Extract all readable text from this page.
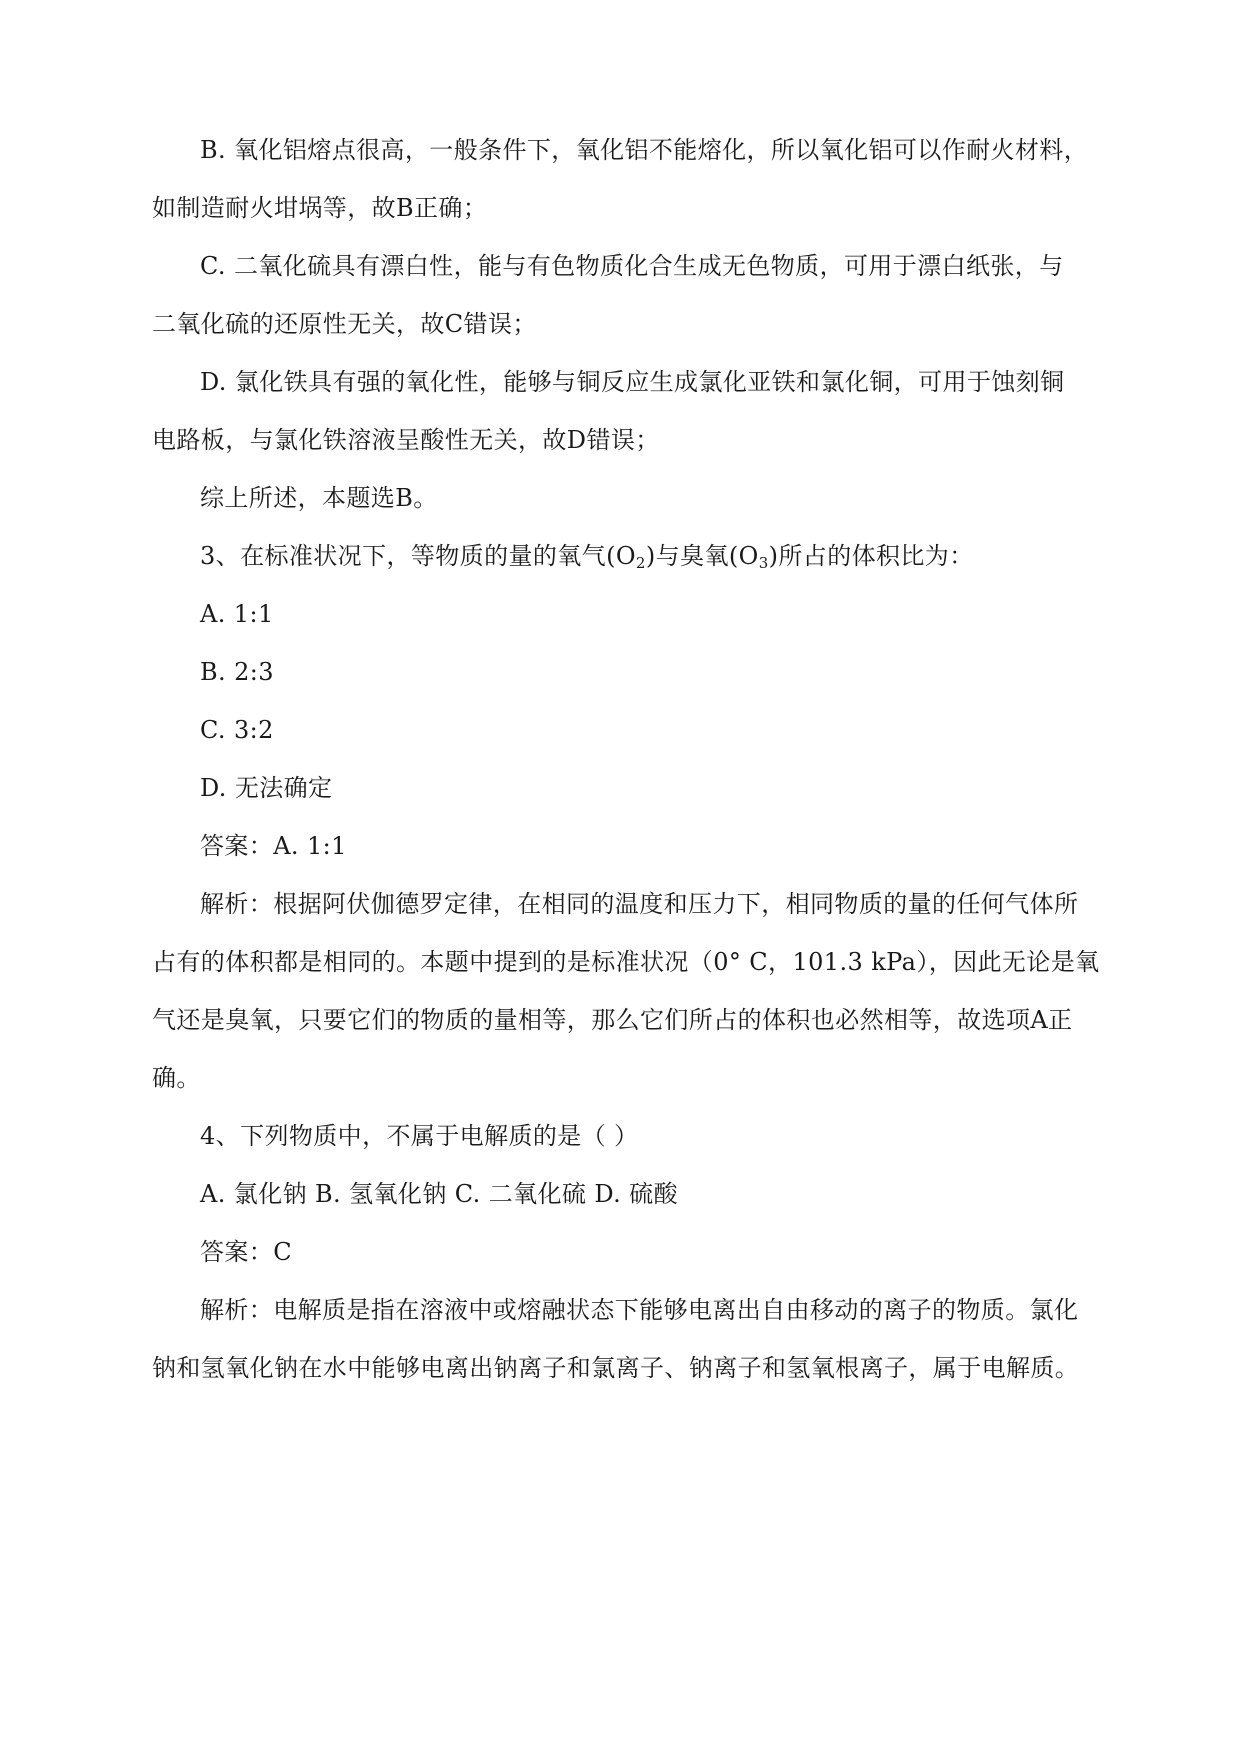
B. 氧化铝熔点很高，一般条件下，氧化铝不能熔化，所以氧化铝可以作耐火材料，
如制造耐火坩埚等，故B正确；
C. 二氧化硫具有漂白性，能与有色物质化合生成无色物质，可用于漂白纸张，与
二氧化硫的还原性无关，故C错误；
D. 氯化铁具有强的氧化性，能够与铜反应生成氯化亚铁和氯化铜，可用于蚀刻铜
电路板，与氯化铁溶液呈酸性无关，故D错误；
综上所述，本题选B。
3、在标准状况下，等物质的量的氧气$(O_2)$与臭氧$(O_3)$所占的体积比为：
A. 1:1
B. 2:3
C. 3:2
D. 无法确定
答案：A. 1:1
解析：根据阿伏伽德罗定律，在相同的温度和压力下，相同物质的量的任何气体所
占有的体积都是相同的。本题中提到的是标准状况（0° C，101.3 kPa），因此无论是氧
气还是臭氧，只要它们的物质的量相等，那么它们所占的体积也必然相等，故选项A正
确。
4、下列物质中，不属于电解质的是（ ）
A. 氯化钠 B. 氢氧化钠 C. 二氧化硫 D. 硫酸
答案：C
解析：电解质是指在溶液中或熔融状态下能够电离出自由移动的离子的物质。氯化
钠和氢氧化钠在水中能够电离出钠离子和氯离子、钠离子和氢氧根离子，属于电解质。
